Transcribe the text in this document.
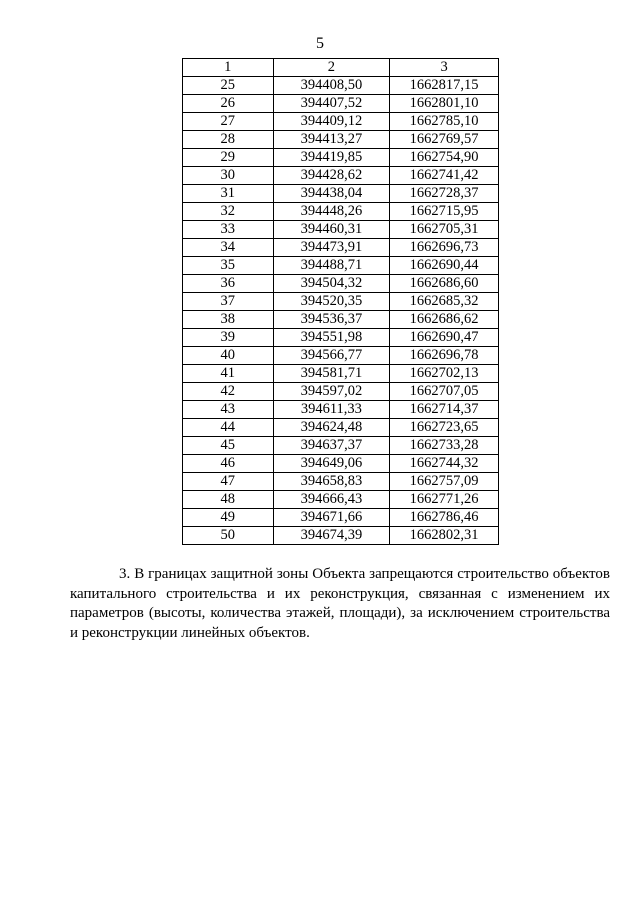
5
1	2	3
25	394408,50	1662817,15
26	394407,52	1662801,10
27	394409,12	1662785,10
28	394413,27	1662769,57
29	394419,85	1662754,90
30	394428,62	1662741,42
31	394438,04	1662728,37
32	394448,26	1662715,95
33	394460,31	1662705,31
34	394473,91	1662696,73
35	394488,71	1662690,44
36	394504,32	1662686,60
37	394520,35	1662685,32
38	394536,37	1662686,62
39	394551,98	1662690,47
40	394566,77	1662696,78
41	394581,71	1662702,13
42	394597,02	1662707,05
43	394611,33	1662714,37
44	394624,48	1662723,65
45	394637,37	1662733,28
46	394649,06	1662744,32
47	394658,83	1662757,09
48	394666,43	1662771,26
49	394671,66	1662786,46
50	394674,39	1662802,31

3. В границах защитной зоны Объекта запрещаются строительство объектов капитального строительства и их реконструкция, связанная с изменением их параметров (высоты, количества этажей, площади), за исключением строительства и реконструкции линейных объектов.
